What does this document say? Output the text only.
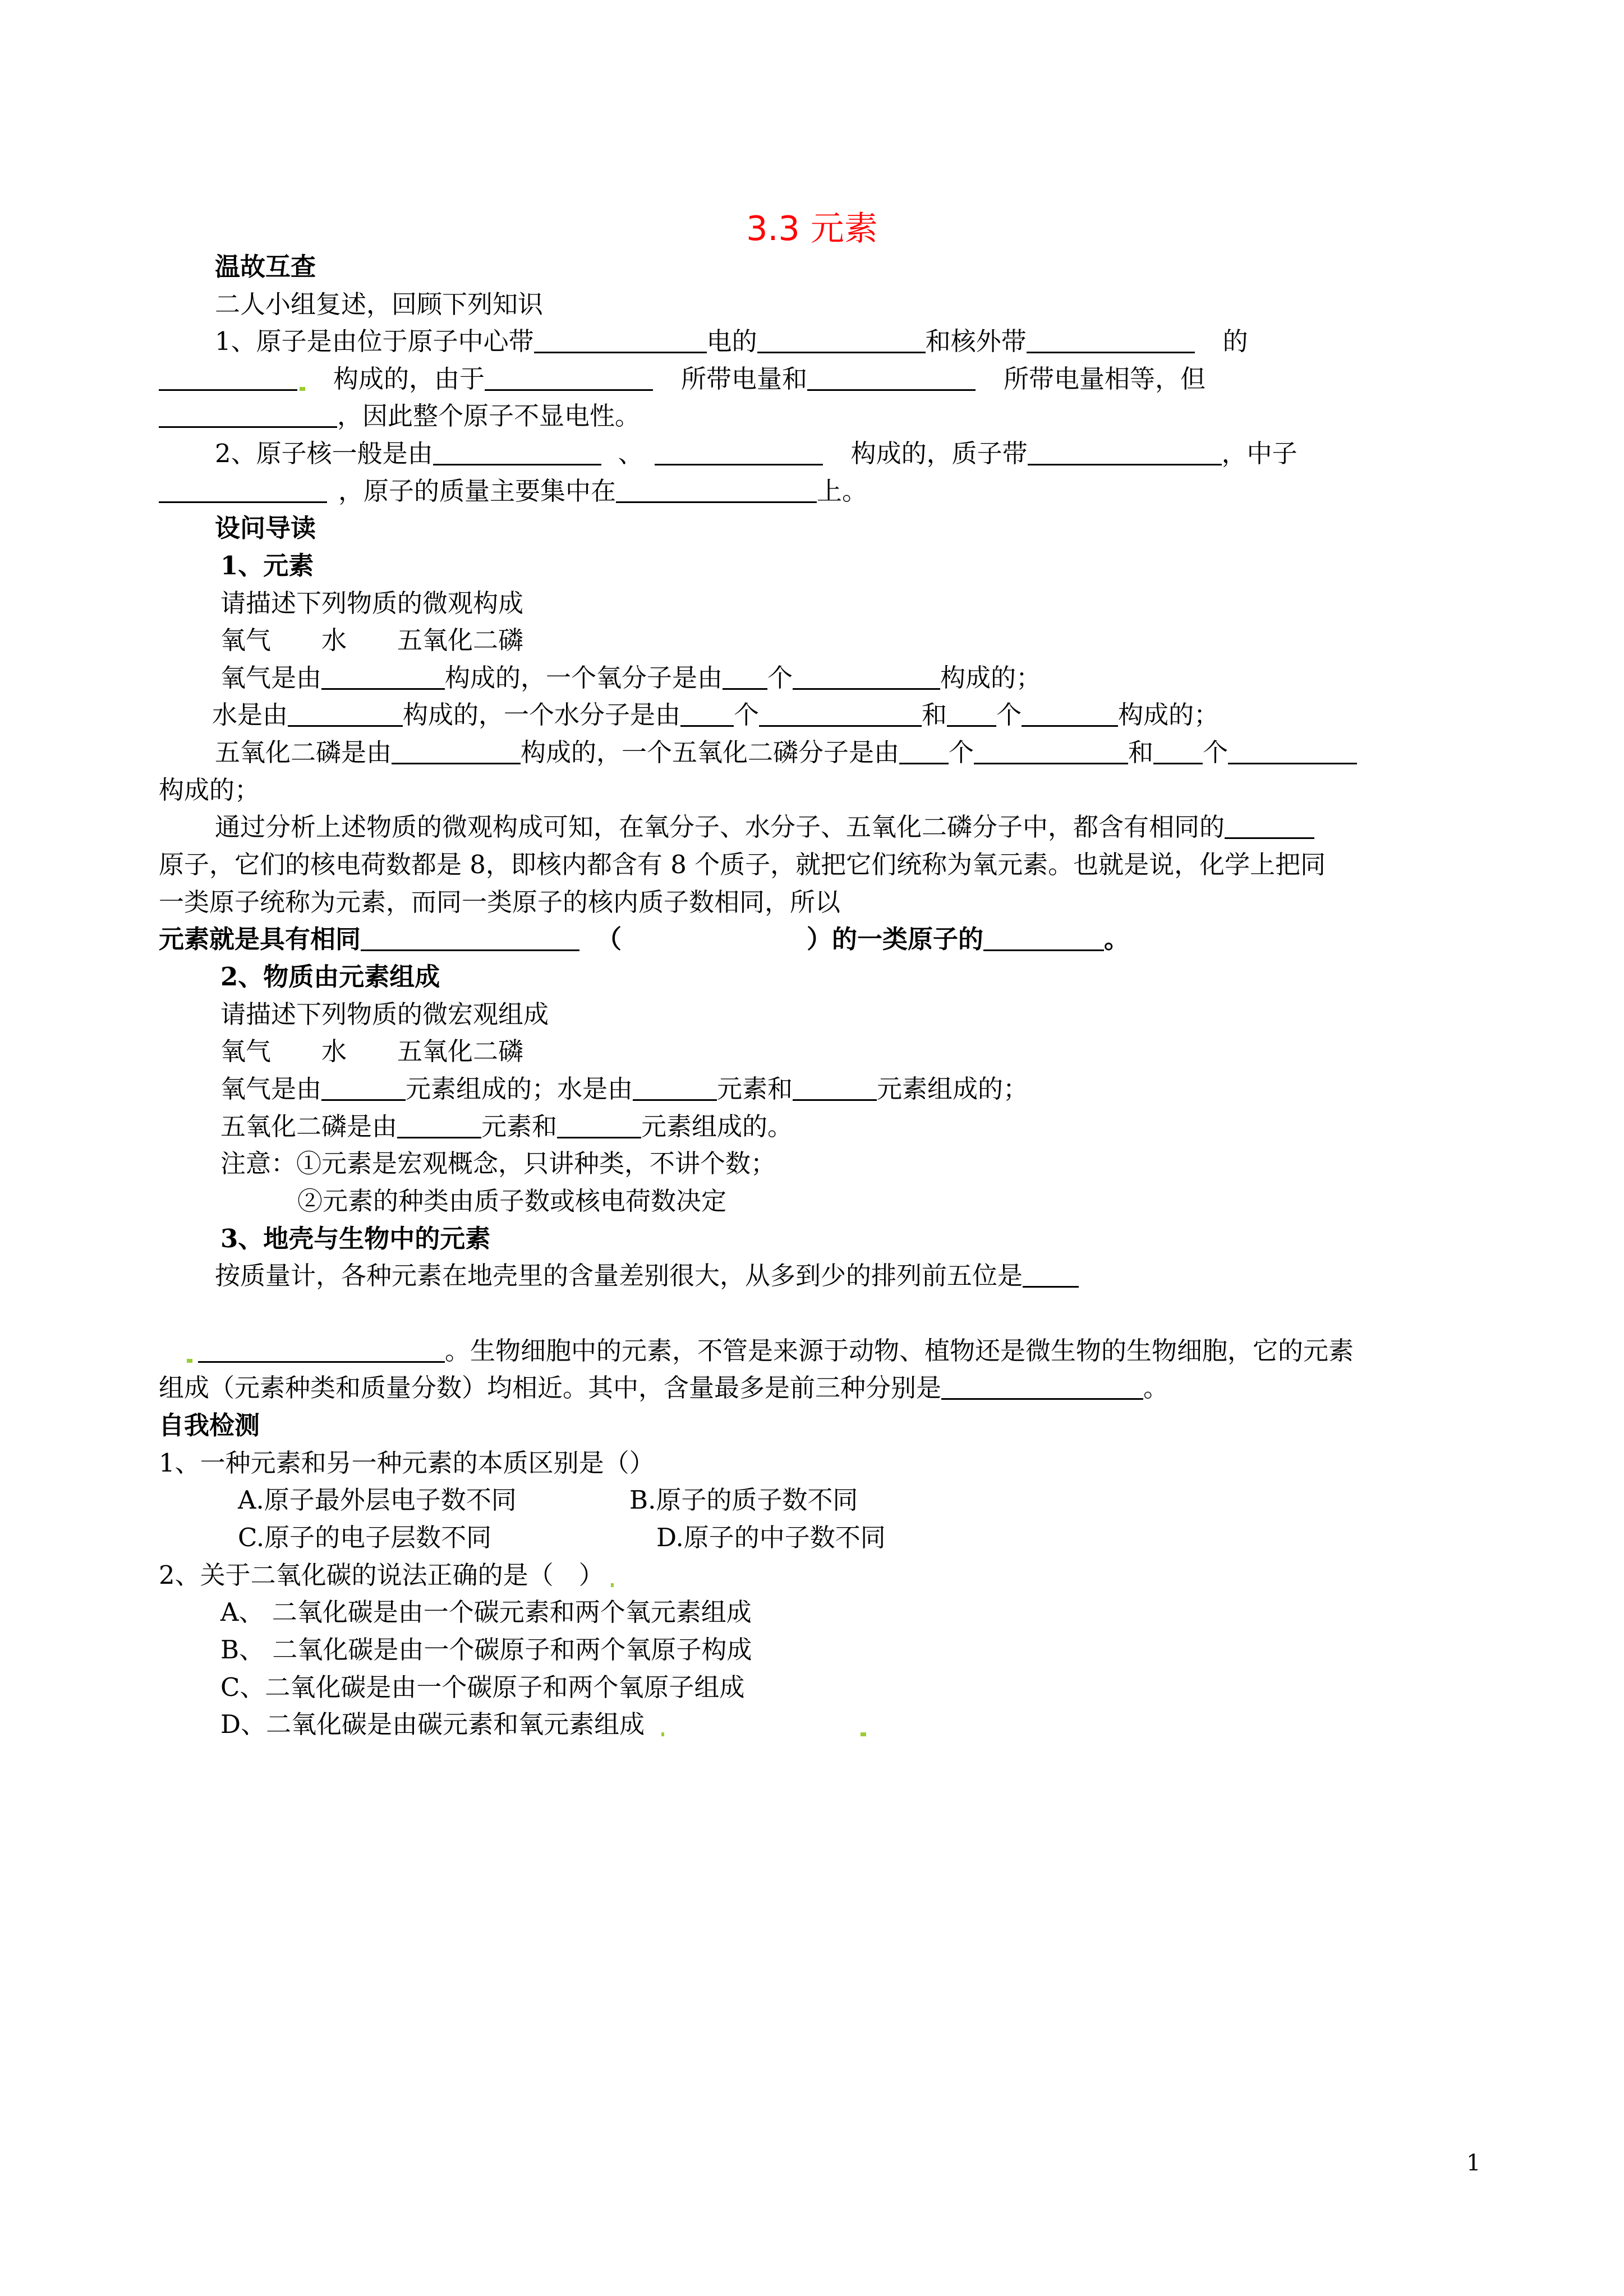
3.3 元素
温故互查
二人小组复述，回顾下列知识
1、原子是由位于原子中心带	电的	和核外带	的
构成的，由于	所带电量和	所带电量相等，但
，因此整个原子不显电性。
2、原子核一般是由	、	构成的，质子带	，中子
，原子的质量主要集中在	上。
设问导读
1、元素
请描述下列物质的微观构成
氧气　　水　　五氧化二磷
氧气是由	构成的，一个氧分子是由 个	构成的；
水是由	构成的，一个水分子是由 个	和 个	构成的；
五氧化二磷是由	构成的，一个五氧化二磷分子是由 个	和 个
构成的；
通过分析上述物质的微观构成可知，在氧分子、水分子、五氧化二磷分子中，都含有相同的
原子，它们的核电荷数都是 8，即核内都含有 8 个质子，就把它们统称为氧元素。也就是说，化学上把同
一类原子统称为元素，而同一类原子的核内质子数相同，所以
元素就是具有相同	（	）的一类原子的	。
2、物质由元素组成
请描述下列物质的微宏观组成
氧气　　水　　五氧化二磷
氧气是由	元素组成的；水是由	元素和	元素组成的；
五氧化二磷是由	元素和	元素组成的。
注意：①元素是宏观概念，只讲种类，不讲个数；
②元素的种类由质子数或核电荷数决定
3、地壳与生物中的元素
按质量计，各种元素在地壳里的含量差别很大，从多到少的排列前五位是
。生物细胞中的元素，不管是来源于动物、植物还是微生物的生物细胞，它的元素
组成（元素种类和质量分数）均相近。其中，含量最多是前三种分别是	。
自我检测
1、一种元素和另一种元素的本质区别是（）
A.原子最外层电子数不同	B.原子的质子数不同
C.原子的电子层数不同	D.原子的中子数不同
2、关于二氧化碳的说法正确的是（　）
A、 二氧化碳是由一个碳元素和两个氧元素组成
B、 二氧化碳是由一个碳原子和两个氧原子构成
C、二氧化碳是由一个碳原子和两个氧原子组成
D、二氧化碳是由碳元素和氧元素组成
1
